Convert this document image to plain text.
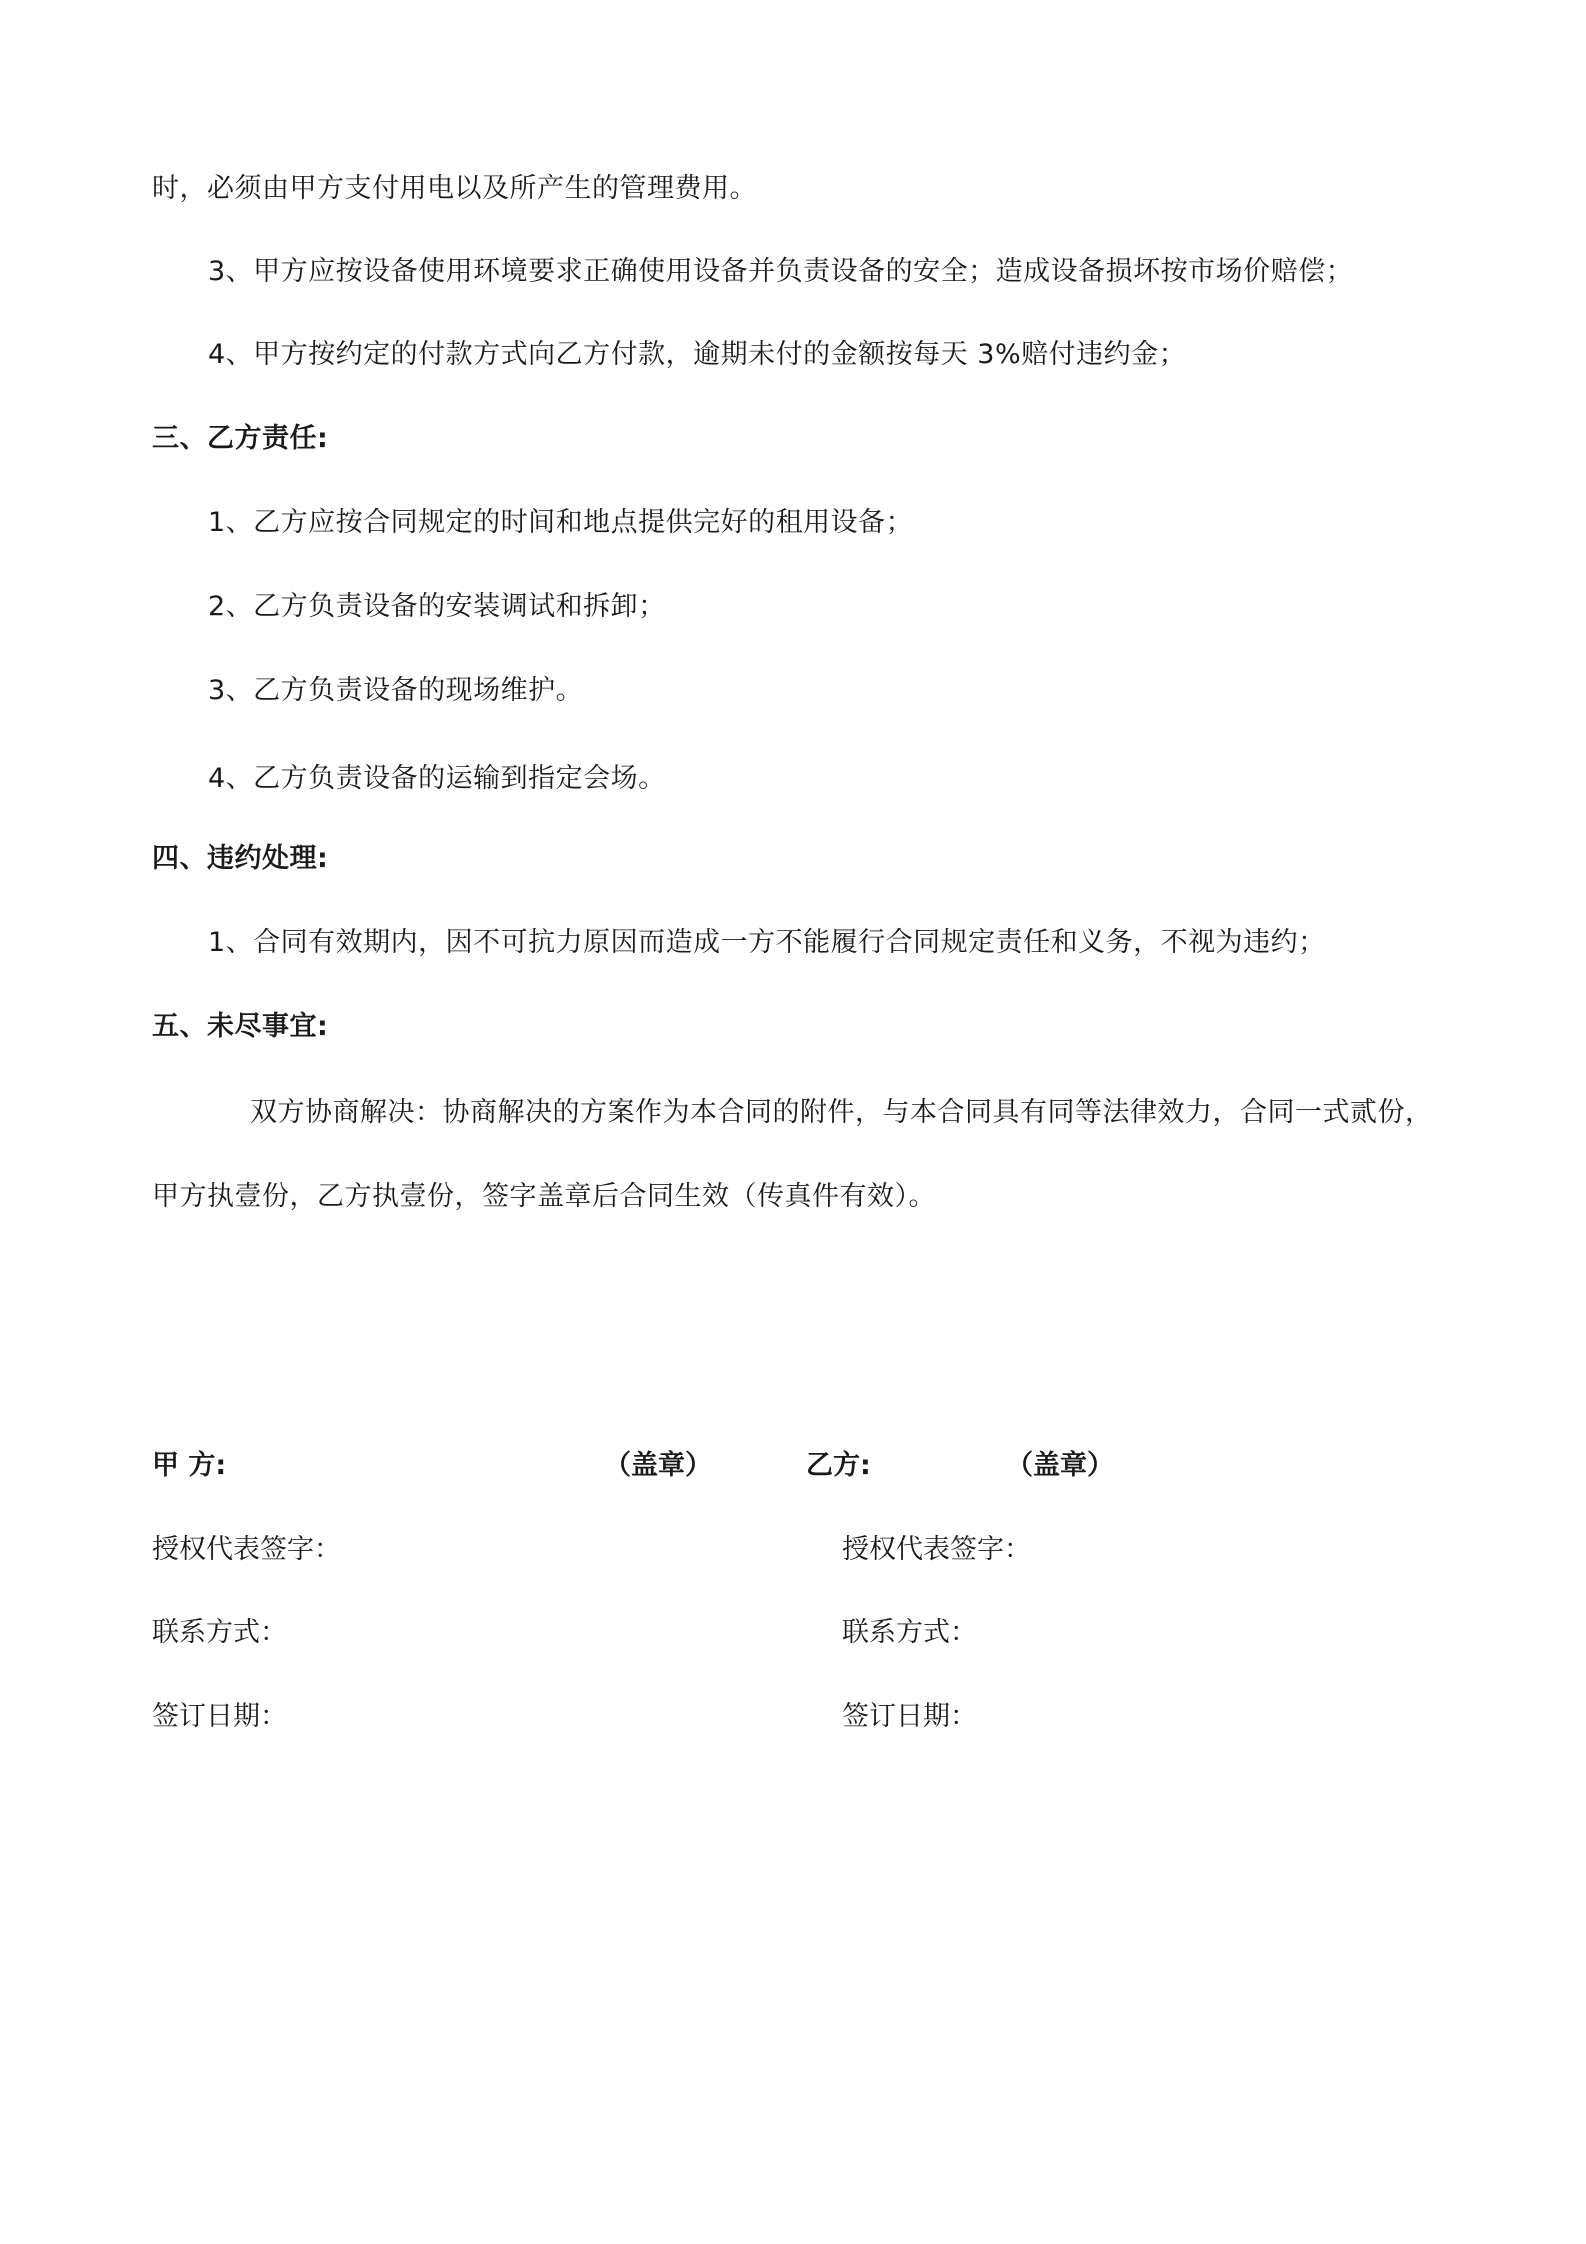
时，必须由甲方支付用电以及所产生的管理费用。
3、甲方应按设备使用环境要求正确使用设备并负责设备的安全；造成设备损坏按市场价赔偿；
4、甲方按约定的付款方式向乙方付款，逾期未付的金额按每天 3%赔付违约金；
三、乙方责任:
1、乙方应按合同规定的时间和地点提供完好的租用设备；
2、乙方负责设备的安装调试和拆卸；
3、乙方负责设备的现场维护。
4、乙方负责设备的运输到指定会场。
四、违约处理:
1、合同有效期内，因不可抗力原因而造成一方不能履行合同规定责任和义务，不视为违约；
五、未尽事宜:
双方协商解决：协商解决的方案作为本合同的附件，与本合同具有同等法律效力，合同一式贰份，
甲方执壹份，乙方执壹份，签字盖章后合同生效（传真件有效）。
甲 方:	（盖章）	乙方:	（盖章）
授权代表签字：	授权代表签字：
联系方式：	联系方式：
签订日期：	签订日期：
